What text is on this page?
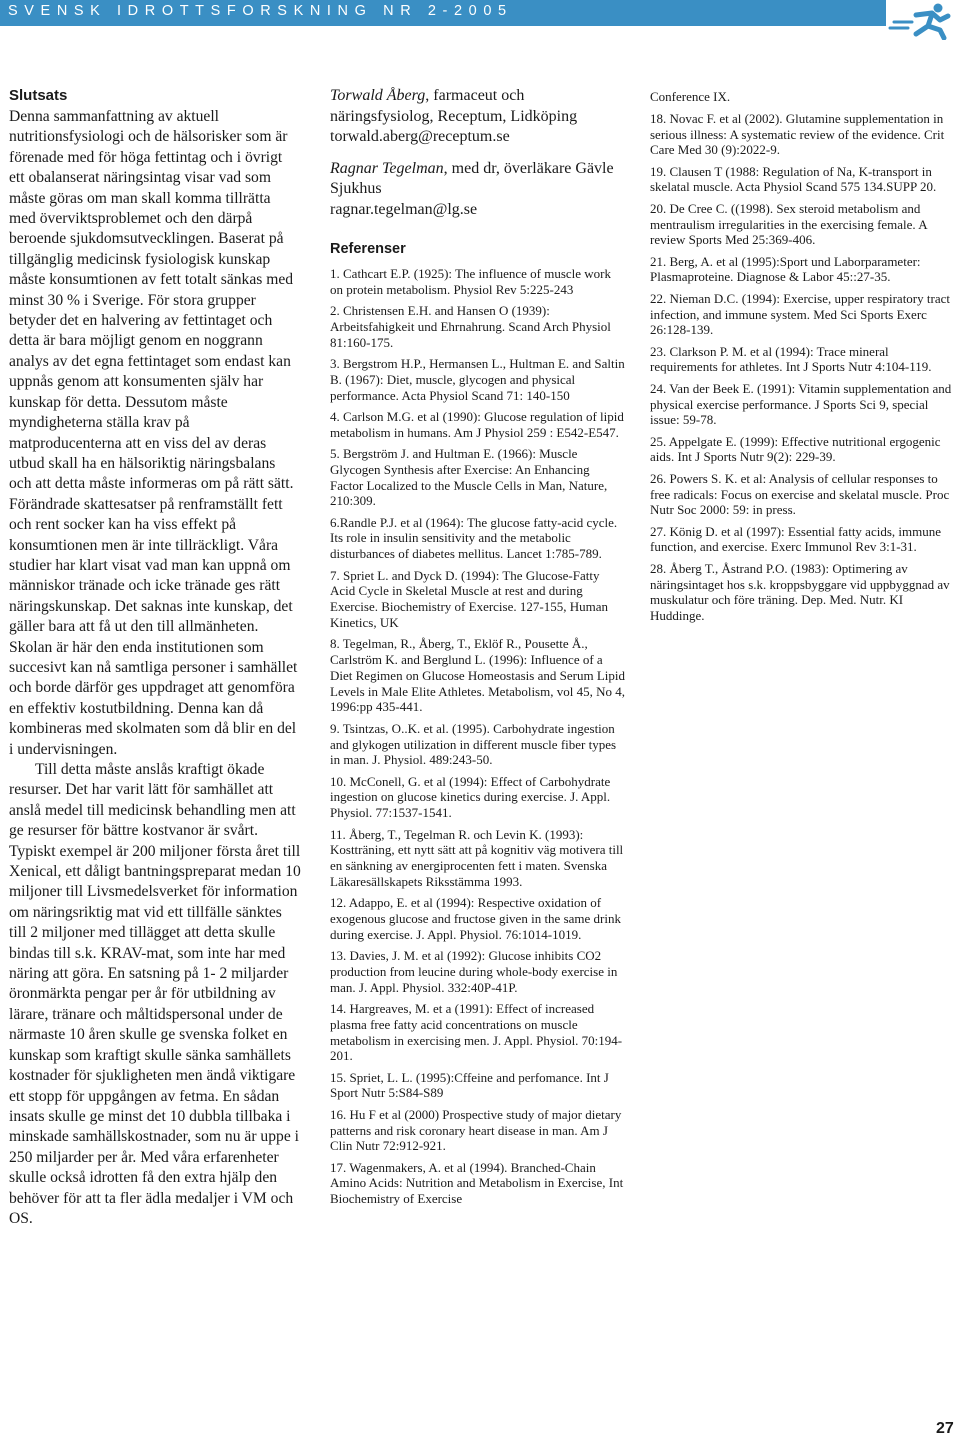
SVENSK IDROTTSFORSKNING NR 2-2005
Slutsats

Denna sammanfattning av aktuell nutritionsfysiologi och de hälsorisker som är förenade med för höga fettintag och i övrigt ett obalanserat näringsintag visar vad som måste göras om man skall komma tillrätta med överviktsproblemet och den därpå beroende sjukdomsutvecklingen. Baserat på tillgänglig medicinsk fysiologisk kunskap måste konsumtionen av fett totalt sänkas med minst 30 % i Sverige. För stora grupper betyder det en halvering av fettintaget och detta är bara möjligt genom en noggrann analys av det egna fettintaget som endast kan uppnås genom att konsumenten själv har kunskap för detta. Dessutom måste myndigheterna ställa krav på matproducenterna att en viss del av deras utbud skall ha en hälsoriktig näringsbalans och att detta måste informeras om på rätt sätt. Förändrade skattesatser på renframställt fett och rent socker kan ha viss effekt på konsumtionen men är inte tillräckligt. Våra studier har klart visat vad man kan uppnå om människor tränade och icke tränade ges rätt näringskunskap. Det saknas inte kunskap, det gäller bara att få ut den till allmänheten. Skolan är här den enda institutionen som succesivt kan nå samtliga personer i samhället och borde därför ges uppdraget att genomföra en effektiv kostutbildning. Denna kan då kombineras med skolmaten som då blir en del i undervisningen.

Till detta måste anslås kraftigt ökade resurser. Det har varit lätt för samhället att anslå medel till medicinsk behandling men att ge resurser för bättre kostvanor är svårt. Typiskt exempel är 200 miljoner första året till Xenical, ett dåligt bantningspreparat medan 10 miljoner till Livsmedelsverket för information om näringsriktig mat vid ett tillfälle sänktes till 2 miljoner med tillägget att detta skulle bindas till s.k. KRAV-mat, som inte har med näring att göra. En satsning på 1- 2 miljarder öronmärkta pengar per år för utbildning av lärare, tränare och måltidspersonal under de närmaste 10 åren skulle ge svenska folket en kunskap som kraftigt skulle sänka samhällets kostnader för sjukligheten men ändå viktigare ett stopp för uppgången av fetma. En sådan insats skulle ge minst det 10 dubbla tillbaka i minskade samhällskostnader, som nu är uppe i 250 miljarder per år. Med våra erfarenheter skulle också idrotten få den extra hjälp den behöver för att ta fler ädla medaljer i VM och OS.

Torwald Åberg, farmaceut och näringsfysiolog, Receptum, Lidköping
torwald.aberg@receptum.se
Ragnar Tegelman, med dr, överläkare Gävle Sjukhus
ragnar.tegelman@lg.se
Referenser
1. Cathcart E.P. (1925): The influence of muscle work on protein metabolism. Physiol Rev 5:225-243
2. Christensen E.H. and Hansen O (1939): Arbeitsfahigkeit und Ehrnahrung. Scand Arch Physiol 81:160-175.
3. Bergstrom H.P., Hermansen L., Hultman E. and Saltin B. (1967): Diet, muscle, glycogen and physical performance. Acta Physiol Scand 71: 140-150
4. Carlson M.G. et al (1990): Glucose regulation of lipid metabolism in humans. Am J Physiol 259 : E542-E547.
5. Bergström J. and Hultman E. (1966): Muscle Glycogen Synthesis after Exercise: An Enhancing Factor Localized to the Muscle Cells in Man, Nature, 210:309.
6.Randle P.J. et al (1964): The glucose fatty-acid cycle. Its role in insulin sensitivity and the metabolic disturbances of diabetes mellitus. Lancet 1:785-789.
7. Spriet L. and Dyck D. (1994): The Glucose-Fatty Acid Cycle in Skeletal Muscle at rest and during Exercise. Biochemistry of Exercise. 127-155, Human Kinetics, UK
8. Tegelman, R., Åberg, T., Eklöf R., Pousette Å., Carlström K. and Berglund L. (1996): Influence of a Diet Regimen on Glucose Homeostasis and Serum Lipid Levels in Male Elite Athletes. Metabolism, vol 45, No 4, 1996:pp 435-441.
9. Tsintzas, O..K. et al. (1995). Carbohydrate ingestion and glykogen utilization in different muscle fiber types in man. J. Physiol. 489:243-50.
10. McConell, G. et al (1994): Effect of Carbohydrate ingestion on glucose kinetics during exercise. J. Appl. Physiol. 77:1537-1541.
11. Åberg, T., Tegelman R. och Levin K. (1993): Kostträning, ett nytt sätt att på kognitiv väg motivera till en sänkning av energiprocenten fett i maten. Svenska Läkaresällskapets Riksstämma 1993.
12. Adappo, E. et al (1994): Respective oxidation of exogenous glucose and fructose given in the same drink during exercise. J. Appl. Physiol. 76:1014-1019.
13. Davies, J. M. et al (1992): Glucose inhibits CO2 production from leucine during whole-body exercise in man. J. Appl. Physiol. 332:40P-41P.
14. Hargreaves, M. et a (1991): Effect of increased plasma free fatty acid concentrations on muscle metabolism in exercising men. J. Appl. Physiol. 70:194-201.
15. Spriet, L. L. (1995):Cffeine and perfomance. Int J Sport Nutr 5:S84-S89
16. Hu F et al (2000) Prospective study of major dietary patterns and risk coronary heart disease in man. Am J Clin Nutr 72:912-921.
17. Wagenmakers, A. et al (1994). Branched-Chain Amino Acids: Nutrition and Metabolism in Exercise, Int Biochemistry of Exercise
Conference IX.
18. Novac F. et al (2002). Glutamine supplementation in serious illness: A systematic review of the evidence. Crit Care Med 30 (9):2022-9.
19. Clausen T (1988: Regulation of Na, K-transport in skelatal muscle. Acta Physiol Scand 575 134.SUPP 20.
20. De Cree C. ((1998). Sex steroid metabolism and mentraulism irregularities in the exercising female. A review Sports Med 25:369-406.
21. Berg, A. et al (1995):Sport und Laborparameter: Plasmaproteine. Diagnose & Labor 45::27-35.
22. Nieman D.C. (1994): Exercise, upper respiratory tract infection, and immune system. Med Sci Sports Exerc 26:128-139.
23. Clarkson P. M. et al (1994): Trace mineral requirements for athletes. Int J Sports Nutr 4:104-119.
24. Van der Beek E. (1991): Vitamin supplementation and physical exercise performance. J Sports Sci 9, special issue: 59-78.
25. Appelgate E. (1999): Effective nutritional ergogenic aids. Int J Sports Nutr 9(2): 229-39.
26. Powers S. K. et al: Analysis of cellular responses to free radicals: Focus on exercise and skelatal muscle. Proc Nutr Soc 2000: 59: in press.
27. König D. et al (1997): Essential fatty acids, immune function, and exercise. Exerc Immunol Rev 3:1-31.
28. Åberg T., Åstrand P.O. (1983): Optimering av näringsintaget hos s.k. kroppsbyggare vid uppbyggnad av muskulatur och före träning. Dep. Med. Nutr. KI Huddinge.
27
